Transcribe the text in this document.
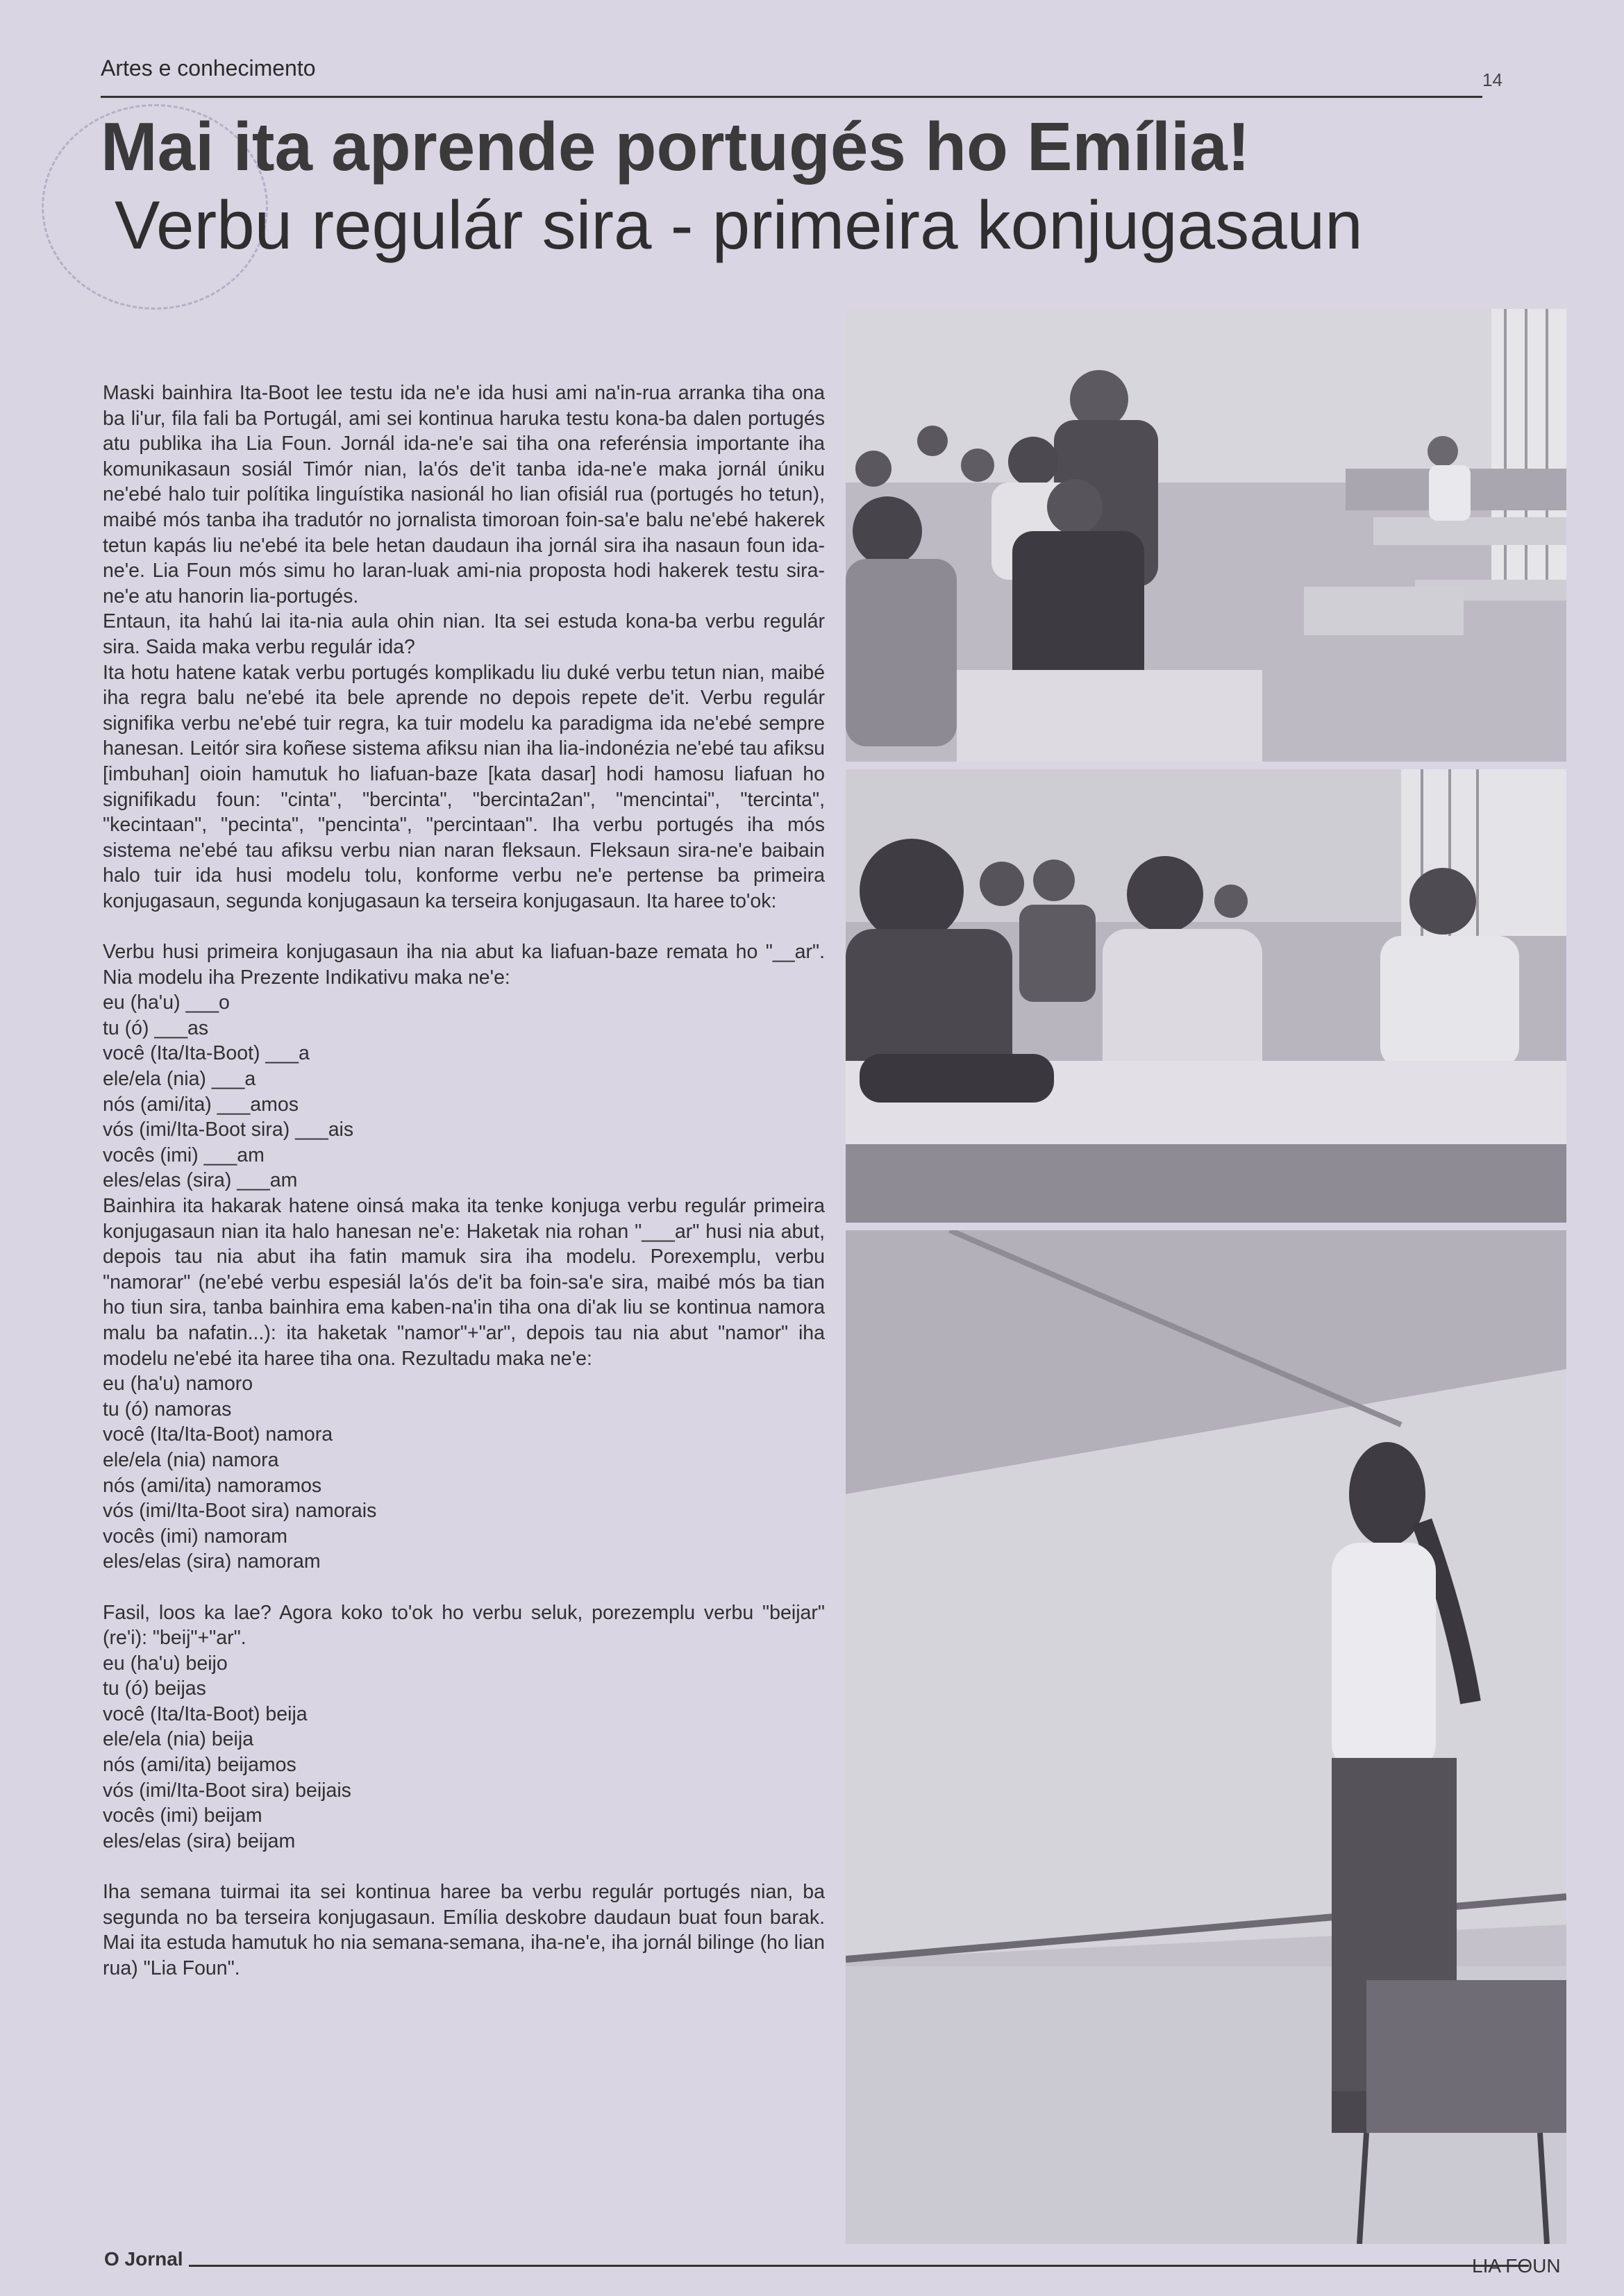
Artes e conhecimento	14
Mai ita aprende portugés ho Emília!
Verbu regulár sira - primeira konjugasaun

Maski bainhira Ita-Boot lee testu ida ne'e ida husi ami na'in-rua arranka tiha ona ba li'ur, fila fali ba Portugál, ami sei kontinua haruka testu kona-ba dalen portugés atu publika iha Lia Foun. Jornál ida-ne'e sai tiha ona referénsia importante iha komunikasaun sosiál Timór nian, la'ós de'it tanba ida-ne'e maka jornál úniku ne'ebé halo tuir polítika linguístika nasionál ho lian ofisiál rua (portugés ho tetun), maibé mós tanba iha tradutór no jornalista timoroan foin-sa'e balu ne'ebé hakerek tetun kapás liu ne'ebé ita bele hetan daudaun iha jornál sira iha nasaun foun ida-ne'e. Lia Foun mós simu ho laran-luak ami-nia proposta hodi hakerek testu sira-ne'e atu hanorin lia-portugés.

Entaun, ita hahú lai ita-nia aula ohin nian. Ita sei estuda kona-ba verbu regulár sira. Saida maka verbu regulár ida?

Ita hotu hatene katak verbu portugés komplikadu liu duké verbu tetun nian, maibé iha regra balu ne'ebé ita bele aprende no depois repete de'it. Verbu regulár signifika verbu ne'ebé tuir regra, ka tuir modelu ka paradigma ida ne'ebé sempre hanesan. Leitór sira koñese sistema afiksu nian iha lia-indonézia ne'ebé tau afiksu [imbuhan] oioin hamutuk ho liafuan-baze [kata dasar] hodi hamosu liafuan ho signifikadu foun: "cinta", "bercinta", "bercinta2an", "mencintai", "tercinta", "kecintaan", "pecinta", "pencinta", "percintaan". Iha verbu portugés iha mós sistema ne'ebé tau afiksu verbu nian naran fleksaun. Fleksaun sira-ne'e baibain halo tuir ida husi modelu tolu, konforme verbu ne'e pertense ba primeira konjugasaun, segunda konjugasaun ka terseira konjugasaun. Ita haree to'ok:

Verbu husi primeira konjugasaun iha nia abut ka liafuan-baze remata ho "__ar". Nia modelu iha Prezente Indikativu maka ne'e:

eu (ha'u) ___o
tu (ó) ___as
você (Ita/Ita-Boot) ___a
ele/ela (nia) ___a
nós (ami/ita) ___amos
vós (imi/Ita-Boot sira) ___ais
vocês (imi) ___am
eles/elas (sira) ___am

Bainhira ita hakarak hatene oinsá maka ita tenke konjuga verbu regulár primeira konjugasaun nian ita halo hanesan ne'e: Haketak nia rohan "___ar" husi nia abut, depois tau nia abut iha fatin mamuk sira iha modelu. Porexemplu, verbu "namorar" (ne'ebé verbu espesiál la'ós de'it ba foin-sa'e sira, maibé mós ba tian ho tiun sira, tanba bainhira ema kaben-na'in tiha ona di'ak liu se kontinua namora malu ba nafatin...): ita haketak "namor"+"ar", depois tau nia abut "namor" iha modelu ne'ebé ita haree tiha ona. Rezultadu maka ne'e:

eu (ha'u) namoro
tu (ó) namoras
você (Ita/Ita-Boot) namora
ele/ela (nia) namora
nós (ami/ita) namoramos
vós (imi/Ita-Boot sira) namorais
vocês (imi) namoram
eles/elas (sira) namoram

Fasil, loos ka lae? Agora koko to'ok ho verbu seluk, porezemplu verbu "beijar" (re'i): "beij"+"ar".

eu (ha'u) beijo
tu (ó) beijas
você (Ita/Ita-Boot) beija
ele/ela (nia) beija
nós (ami/ita) beijamos
vós (imi/Ita-Boot sira) beijais
vocês (imi) beijam
eles/elas (sira) beijam

Iha semana tuirmai ita sei kontinua haree ba verbu regulár portugés nian, ba segunda no ba terseira konjugasaun. Emília deskobre daudaun buat foun barak. Mai ita estuda hamutuk ho nia semana-semana, iha-ne'e, iha jornál bilinge (ho lian rua) "Lia Foun".

O Jornal	LIA FOUN
